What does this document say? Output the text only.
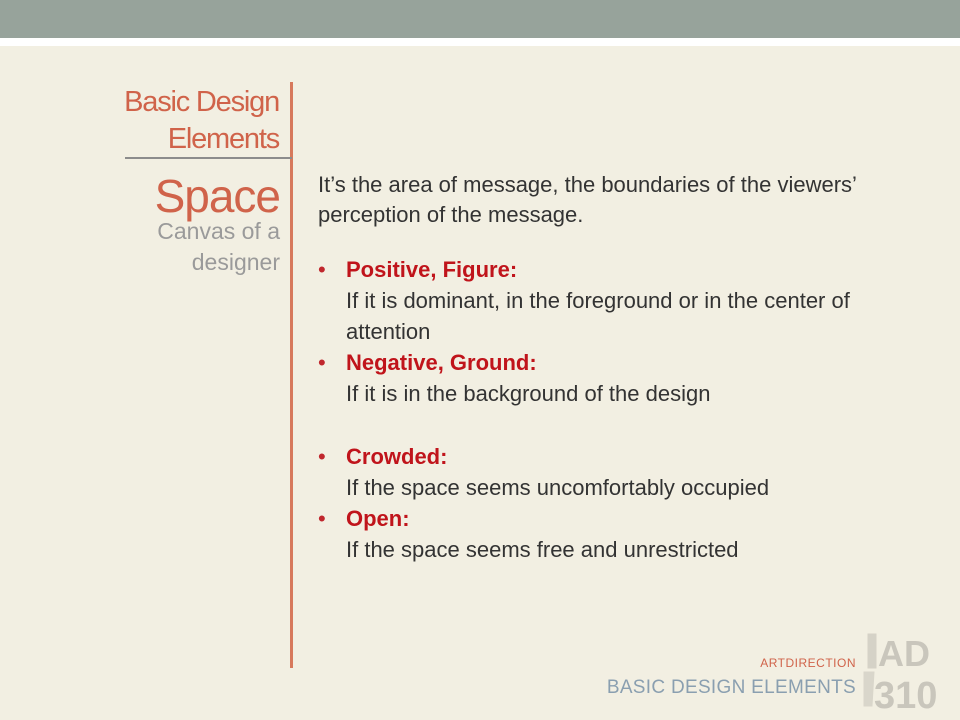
Basic Design
Elements
Space
Canvas of a designer

It’s the area of message, the boundaries of the viewers’ perception of the message.

• Positive, Figure:
If it is dominant, in the foreground or in the center of attention
• Negative, Ground:
If it is in the background of the design
• Crowded:
If the space seems uncomfortably occupied
• Open:
If the space seems free and unrestricted
ARTDIRECTION
BASIC DESIGN ELEMENTS
AD
310
